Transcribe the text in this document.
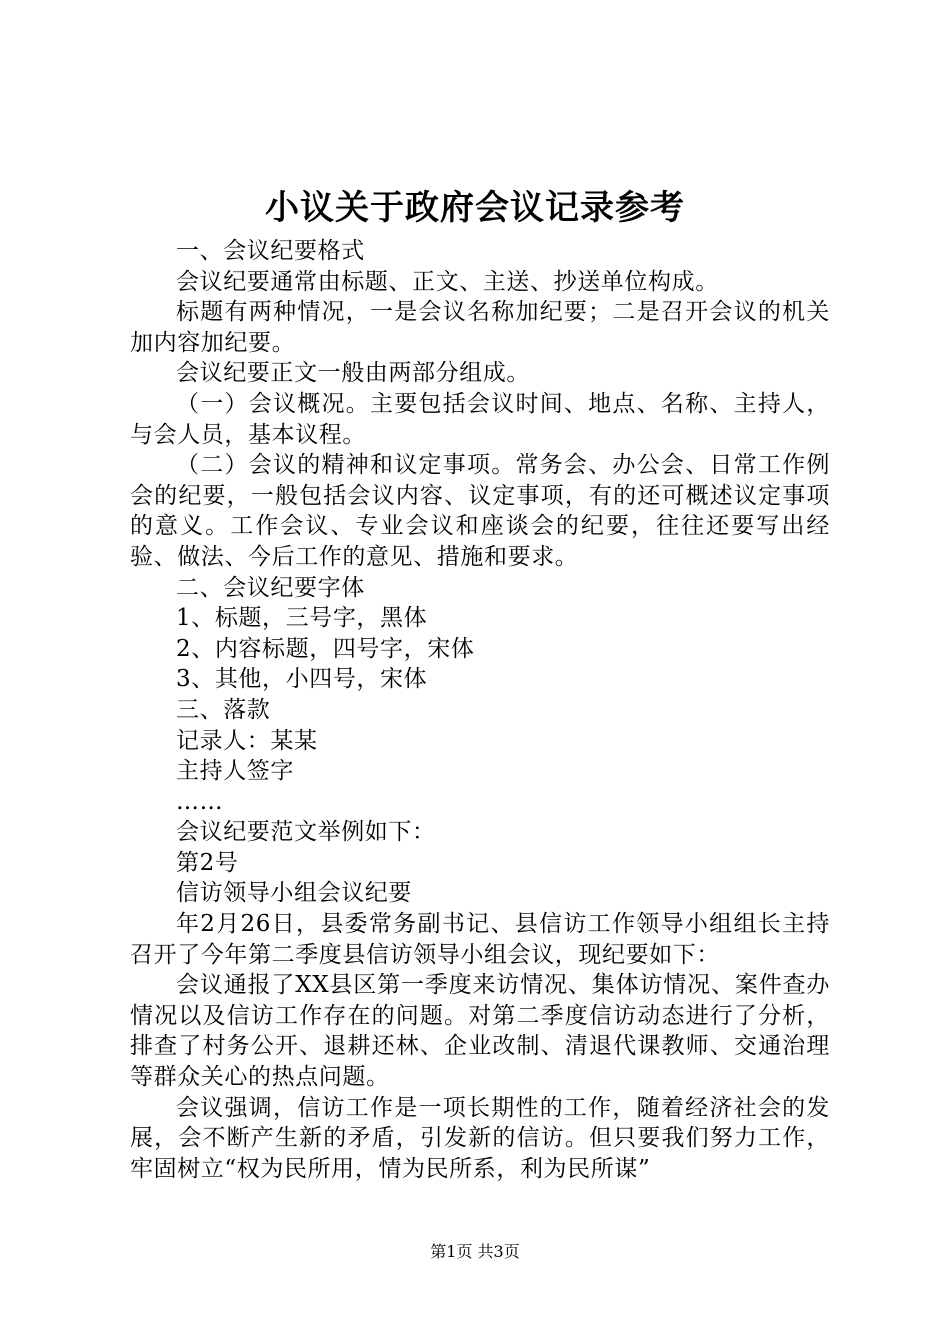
小议关于政府会议记录参考

一、会议纪要格式

会议纪要通常由标题、正文、主送、抄送单位构成。

标题有两种情况，一是会议名称加纪要；二是召开会议的机关加内容加纪要。

会议纪要正文一般由两部分组成。

（一）会议概况。主要包括会议时间、地点、名称、主持人，与会人员，基本议程。

（二）会议的精神和议定事项。常务会、办公会、日常工作例会的纪要，一般包括会议内容、议定事项，有的还可概述议定事项的意义。工作会议、专业会议和座谈会的纪要，往往还要写出经验、做法、今后工作的意见、措施和要求。

二、会议纪要字体

1、标题，三号字，黑体

2、内容标题，四号字，宋体

3、其他，小四号，宋体

三、落款

记录人：某某

主持人签字

……

会议纪要范文举例如下：

第2号

信访领导小组会议纪要

年2月26日，县委常务副书记、县信访工作领导小组组长主持召开了今年第二季度县信访领导小组会议，现纪要如下：

会议通报了XX县区第一季度来访情况、集体访情况、案件查办情况以及信访工作存在的问题。对第二季度信访动态进行了分析，排查了村务公开、退耕还林、企业改制、清退代课教师、交通治理等群众关心的热点问题。

会议强调，信访工作是一项长期性的工作，随着经济社会的发展，会不断产生新的矛盾，引发新的信访。但只要我们努力工作，牢固树立“权为民所用，情为民所系，利为民所谋”

第1页 共3页
